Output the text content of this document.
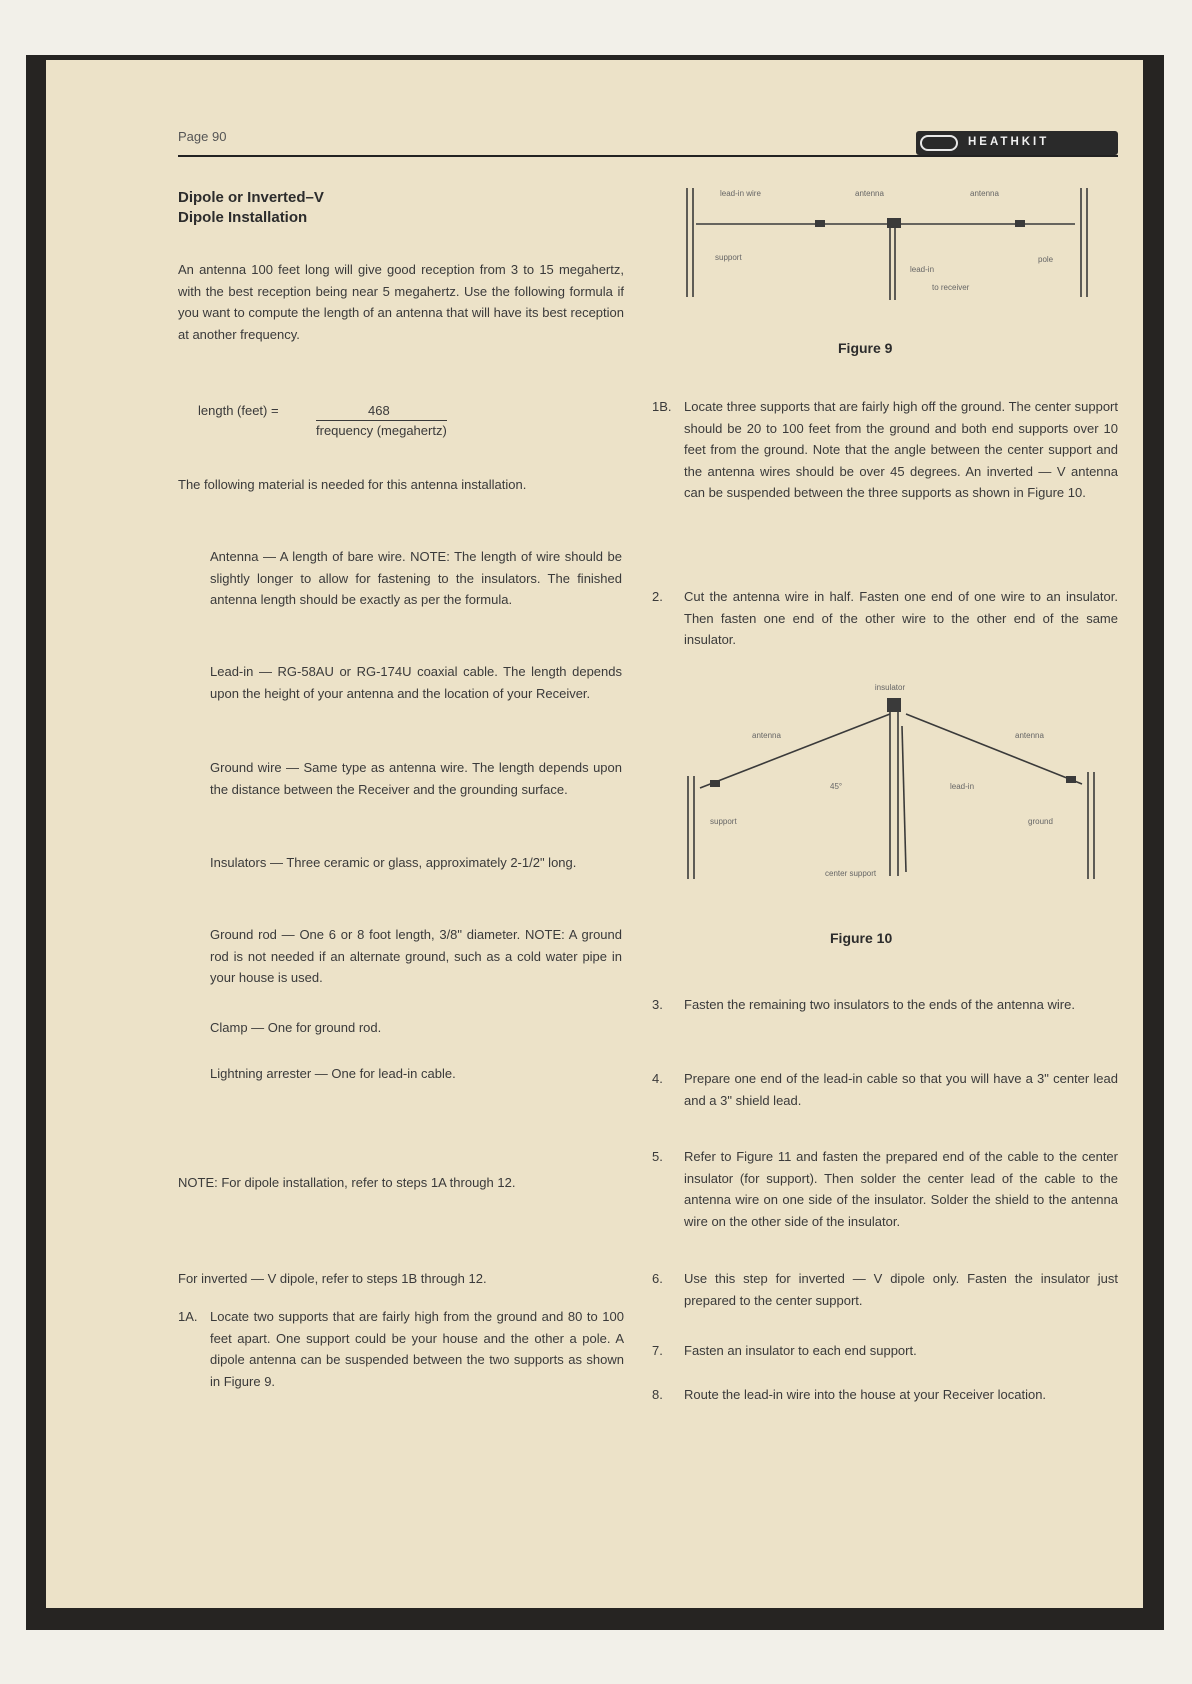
Page 90	HEATHKIT
Dipole or Inverted–V
Dipole Installation

An antenna 100 feet long will give good reception from 3 to 15 megahertz, with the best reception being near 5 megahertz. Use the following formula if you want to compute the length of an antenna that will have its best reception at another frequency.

length (feet) =	468
frequency (megahertz)

The following material is needed for this antenna installation.

Antenna — A length of bare wire. NOTE: The length of wire should be slightly longer to allow for fastening to the insulators. The finished antenna length should be exactly as per the formula.

Lead-in — RG-58AU or RG-174U coaxial cable. The length depends upon the height of your antenna and the location of your Receiver.

Ground wire — Same type as antenna wire. The length depends upon the distance between the Receiver and the grounding surface.

Insulators — Three ceramic or glass, approximately 2-1/2" long.

Ground rod — One 6 or 8 foot length, 3/8" diameter. NOTE: A ground rod is not needed if an alternate ground, such as a cold water pipe in your house is used.

Clamp — One for ground rod.

Lightning arrester — One for lead-in cable.

NOTE: For dipole installation, refer to steps 1A through 12.

For inverted — V dipole, refer to steps 1B through 12.

1A. Locate two supports that are fairly high from the ground and 80 to 100 feet apart. One support could be your house and the other a pole. A dipole antenna can be suspended between the two supports as shown in Figure 9.
lead-in wire	antenna	antenna
support
lead-in
to receiver
pole
Figure 9
1B. Locate three supports that are fairly high off the ground. The center support should be 20 to 100 feet from the ground and both end supports over 10 feet from the ground. Note that the angle between the center support and the antenna wires should be over 45 degrees. An inverted — V antenna can be suspended between the three supports as shown in Figure 10.
2. Cut the antenna wire in half. Fasten one end of one wire to an insulator. Then fasten one end of the other wire to the other end of the same insulator.
insulator
antenna	antenna
45°	lead-in
support	ground
center support
Figure 10
3. Fasten the remaining two insulators to the ends of the antenna wire.
4. Prepare one end of the lead-in cable so that you will have a 3" center lead and a 3" shield lead.
5. Refer to Figure 11 and fasten the prepared end of the cable to the center insulator (for support). Then solder the center lead of the cable to the antenna wire on one side of the insulator. Solder the shield to the antenna wire on the other side of the insulator.
6. Use this step for inverted — V dipole only. Fasten the insulator just prepared to the center support.
7. Fasten an insulator to each end support.
8. Route the lead-in wire into the house at your Receiver location.
